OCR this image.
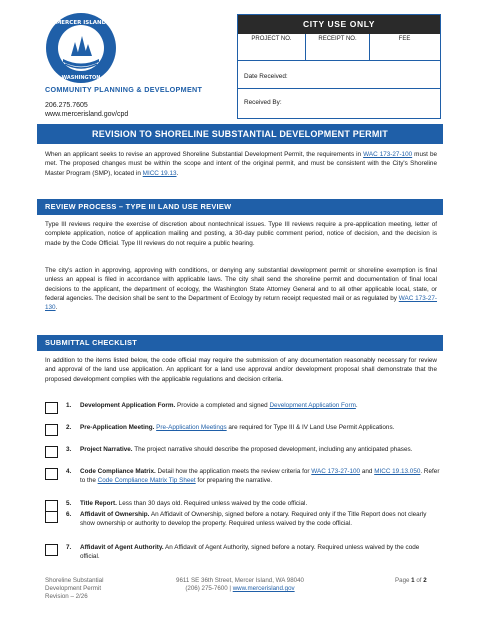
MERCER ISLAND
WASHINGTON
COMMUNITY PLANNING & DEVELOPMENT
206.275.7605
www.mercerisland.gov/cpd
CITY USE ONLY
PROJECT NO.	RECEIPT NO.	FEE
Date Received:
Received By:
REVISION TO SHORELINE SUBSTANTIAL DEVELOPMENT PERMIT
When an applicant seeks to revise an approved Shoreline Substantial Development Permit, the requirements in WAC 173-27-100 must be met. The proposed changes must be within the scope and intent of the original permit, and must be consistent with the City's Shoreline Master Program (SMP), located in MICC 19.13.
REVIEW PROCESS – TYPE III LAND USE REVIEW
Type III reviews require the exercise of discretion about nontechnical issues. Type III reviews require a pre-application meeting, letter of complete application, notice of application mailing and posting, a 30-day public comment period, notice of decision, and the decision is made by the Code Official. Type III reviews do not require a public hearing.
The city's action in approving, approving with conditions, or denying any substantial development permit or shoreline exemption is final unless an appeal is filed in accordance with applicable laws. The city shall send the shoreline permit and documentation of final local decisions to the applicant, the department of ecology, the Washington State Attorney General and to all other applicable local, state, or federal agencies. The decision shall be sent to the Department of Ecology by return receipt requested mail or as regulated by WAC 173-27-130.
SUBMITTAL CHECKLIST
In addition to the items listed below, the code official may require the submission of any documentation reasonably necessary for review and approval of the land use application. An applicant for a land use approval and/or development proposal shall demonstrate that the proposed development complies with the applicable regulations and decision criteria.
1. Development Application Form. Provide a completed and signed Development Application Form.
2. Pre-Application Meeting. Pre-Application Meetings are required for Type III & IV Land Use Permit Applications.
3. Project Narrative. The project narrative should describe the proposed development, including any anticipated phases.
4. Code Compliance Matrix. Detail how the application meets the review criteria for WAC 173-27-100 and MICC 19.13.050. Refer to the Code Compliance Matrix Tip Sheet for preparing the narrative.
5. Title Report. Less than 30 days old. Required unless waived by the code official.
6. Affidavit of Ownership. An Affidavit of Ownership, signed before a notary. Required only if the Title Report does not clearly show ownership or authority to develop the property. Required unless waived by the code official.
7. Affidavit of Agent Authority. An Affidavit of Agent Authority, signed before a notary. Required unless waived by the code official.
Shoreline Substantial
Development Permit
Revision – 2/26
9611 SE 36th Street, Mercer Island, WA 98040
(206) 275-7600 | www.mercerisland.gov
Page 1 of 2
